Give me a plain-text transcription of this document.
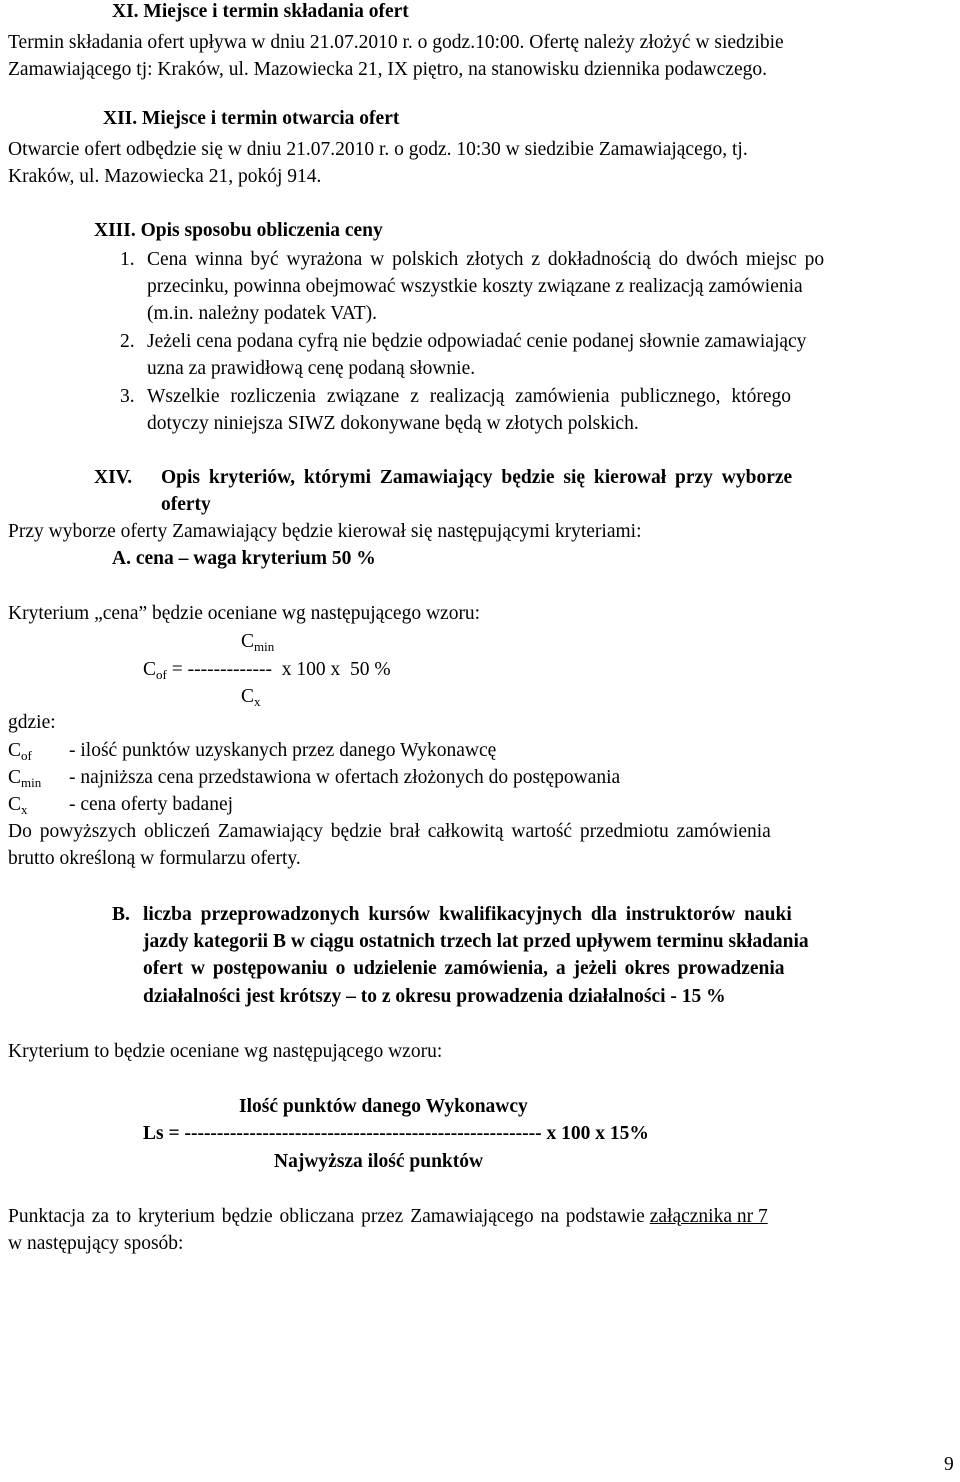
XI. Miejsce i termin składania ofert
Termin składania ofert upływa w dniu 21.07.2010 r. o godz.10:00. Ofertę należy złożyć w siedzibie
Zamawiającego tj: Kraków, ul. Mazowiecka 21, IX piętro, na stanowisku dziennika podawczego.
XII. Miejsce i termin otwarcia ofert
Otwarcie ofert odbędzie się w dniu 21.07.2010 r. o godz. 10:30 w siedzibie Zamawiającego, tj.
Kraków, ul. Mazowiecka 21, pokój 914.
XIII. Opis sposobu obliczenia ceny
1. Cena winna być wyrażona w polskich złotych z dokładnością do dwóch miejsc po
przecinku, powinna obejmować wszystkie koszty związane z realizacją zamówienia
(m.in. należny podatek VAT).
2. Jeżeli cena podana cyfrą nie będzie odpowiadać cenie podanej słownie zamawiający
uzna za prawidłową cenę podaną słownie.
3. Wszelkie rozliczenia związane z realizacją zamówienia publicznego, którego
dotyczy niniejsza SIWZ dokonywane będą w złotych polskich.
XIV. Opis kryteriów, którymi Zamawiający będzie się kierował przy wyborze
oferty
Przy wyborze oferty Zamawiający będzie kierował się następującymi kryteriami:
A. cena – waga kryterium 50 %
Kryterium „cena” będzie oceniane wg następującego wzoru:
$C_{min}$
$C_{of}$ = -------------  x 100 x  50 %
$C_x$
gdzie:
$C_{of}$ - ilość punktów uzyskanych przez danego Wykonawcę
$C_{min}$ - najniższa cena przedstawiona w ofertach złożonych do postępowania
$C_x$ - cena oferty badanej
Do powyższych obliczeń Zamawiający będzie brał całkowitą wartość przedmiotu zamówienia
brutto określoną w formularzu oferty.
B. liczba przeprowadzonych kursów kwalifikacyjnych dla instruktorów nauki
jazdy kategorii B w ciągu ostatnich trzech lat przed upływem terminu składania
ofert w postępowaniu o udzielenie zamówienia, a jeżeli okres prowadzenia
działalności jest krótszy – to z okresu prowadzenia działalności - 15 %
Kryterium to będzie oceniane wg następującego wzoru:
Ilość punktów danego Wykonawcy
Ls = ------------------------------------------------------- x 100 x 15%
Najwyższa ilość punktów
Punktacja za to kryterium będzie obliczana przez Zamawiającego na podstawie załącznika nr 7
w następujący sposób:
9
